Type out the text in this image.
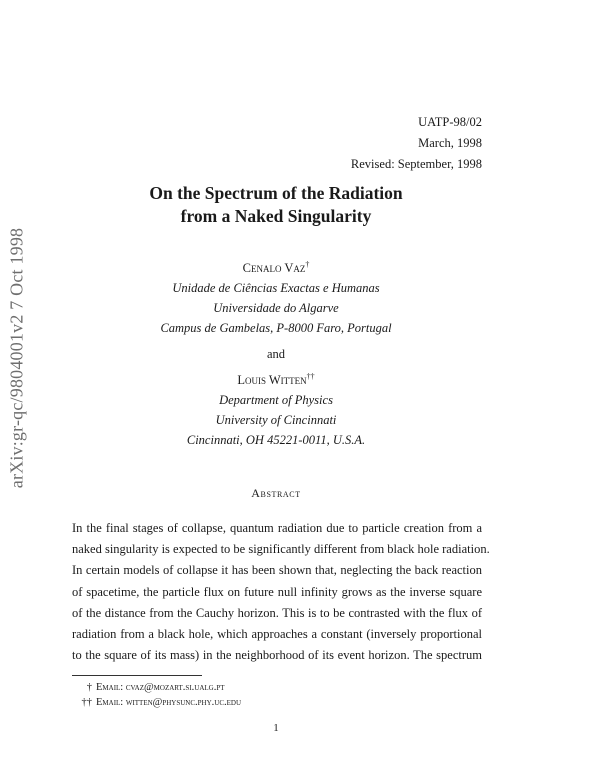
arXiv:gr-qc/9804001v2 7 Oct 1998
UATP-98/02
March, 1998
Revised: September, 1998
On the Spectrum of the Radiation
from a Naked Singularity
Cenalo Vaz†
Unidade de Ciências Exactas e Humanas
Universidade do Algarve
Campus de Gambelas, P-8000 Faro, Portugal
and
Louis Witten††
Department of Physics
University of Cincinnati
Cincinnati, OH 45221-0011, U.S.A.
Abstract
In the final stages of collapse, quantum radiation due to particle creation from a
naked singularity is expected to be significantly different from black hole radiation.
In certain models of collapse it has been shown that, neglecting the back reaction
of spacetime, the particle flux on future null infinity grows as the inverse square
of the distance from the Cauchy horizon. This is to be contrasted with the flux of
radiation from a black hole, which approaches a constant (inversely proportional
to the square of its mass) in the neighborhood of its event horizon. The spectrum
† Email: cvaz@mozart.si.ualg.pt
†† Email: witten@physunc.phy.uc.edu
1
